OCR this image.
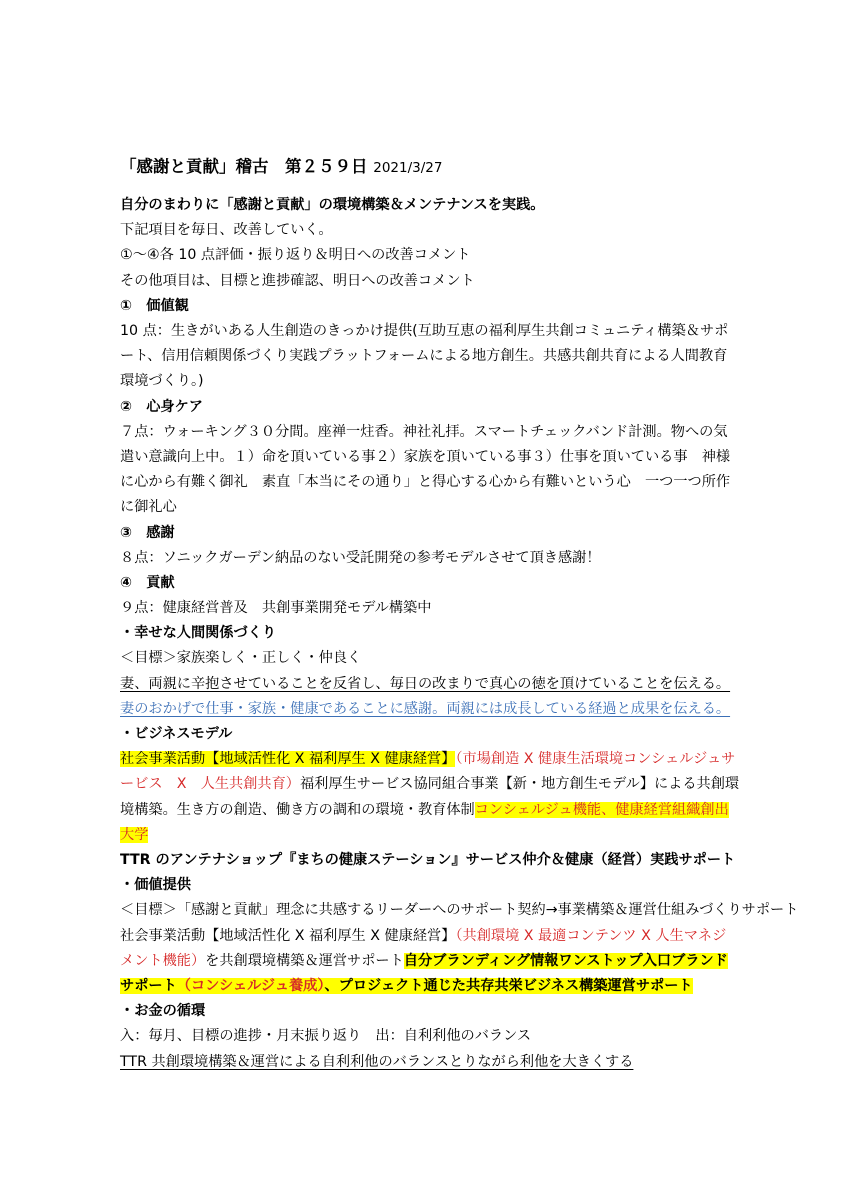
「感謝と貢献」稽古　第２５９日 2021/3/27
自分のまわりに「感謝と貢献」の環境構築＆メンテナンスを実践。
下記項目を毎日、改善していく。
①～④各 10 点評価・振り返り＆明日への改善コメント
その他項目は、目標と進捗確認、明日への改善コメント
①　価値観
10 点：生きがいある人生創造のきっかけ提供(互助互恵の福利厚生共創コミュニティ構築＆サポート、信用信頼関係づくり実践プラットフォームによる地方創生。共感共創共育による人間教育環境づくり。)
②　心身ケア
７点：ウォーキング３０分間。座禅一炷香。神社礼拝。スマートチェックバンド計測。物への気遣い意識向上中。１）命を頂いている事２）家族を頂いている事３）仕事を頂いている事　神様に心から有難く御礼　素直「本当にその通り」と得心する心から有難いという心　一つ一つ所作に御礼心
③　感謝
８点：ソニックガーデン納品のない受託開発の参考モデルさせて頂き感謝！
④　貢献
９点：健康経営普及　共創事業開発モデル構築中
・幸せな人間関係づくり
＜目標＞家族楽しく・正しく・仲良く
妻、両親に辛抱させていることを反省し、毎日の改まりで真心の徳を頂けていることを伝える。妻のおかげで仕事・家族・健康であることに感謝。両親には成長している経過と成果を伝える。
・ビジネスモデル
社会事業活動【地域活性化 X 福利厚生 X 健康経営】（市場創造 X 健康生活環境コンシェルジュサービス　X　人生共創共育）福利厚生サービス協同組合事業【新・地方創生モデル】による共創環境構築。生き方の創造、働き方の調和の環境・教育体制コンシェルジュ機能、健康経営組織創出大学
TTR のアンテナショップ『まちの健康ステーション』サービス仲介＆健康（経営）実践サポート
・価値提供
＜目標＞「感謝と貢献」理念に共感するリーダーへのサポート契約→事業構築＆運営仕組みづくりサポート
社会事業活動【地域活性化 X 福利厚生 X 健康経営】（共創環境 X 最適コンテンツ X 人生マネジメント機能）を共創環境構築＆運営サポート自分ブランディング情報ワンストップ入口ブランドサポート（コンシェルジュ養成）、プロジェクト通じた共存共栄ビジネス構築運営サポート
・お金の循環
入：毎月、目標の進捗・月末振り返り　出：自利利他のバランス
TTR 共創環境構築＆運営による自利利他のバランスとりながら利他を大きくする
